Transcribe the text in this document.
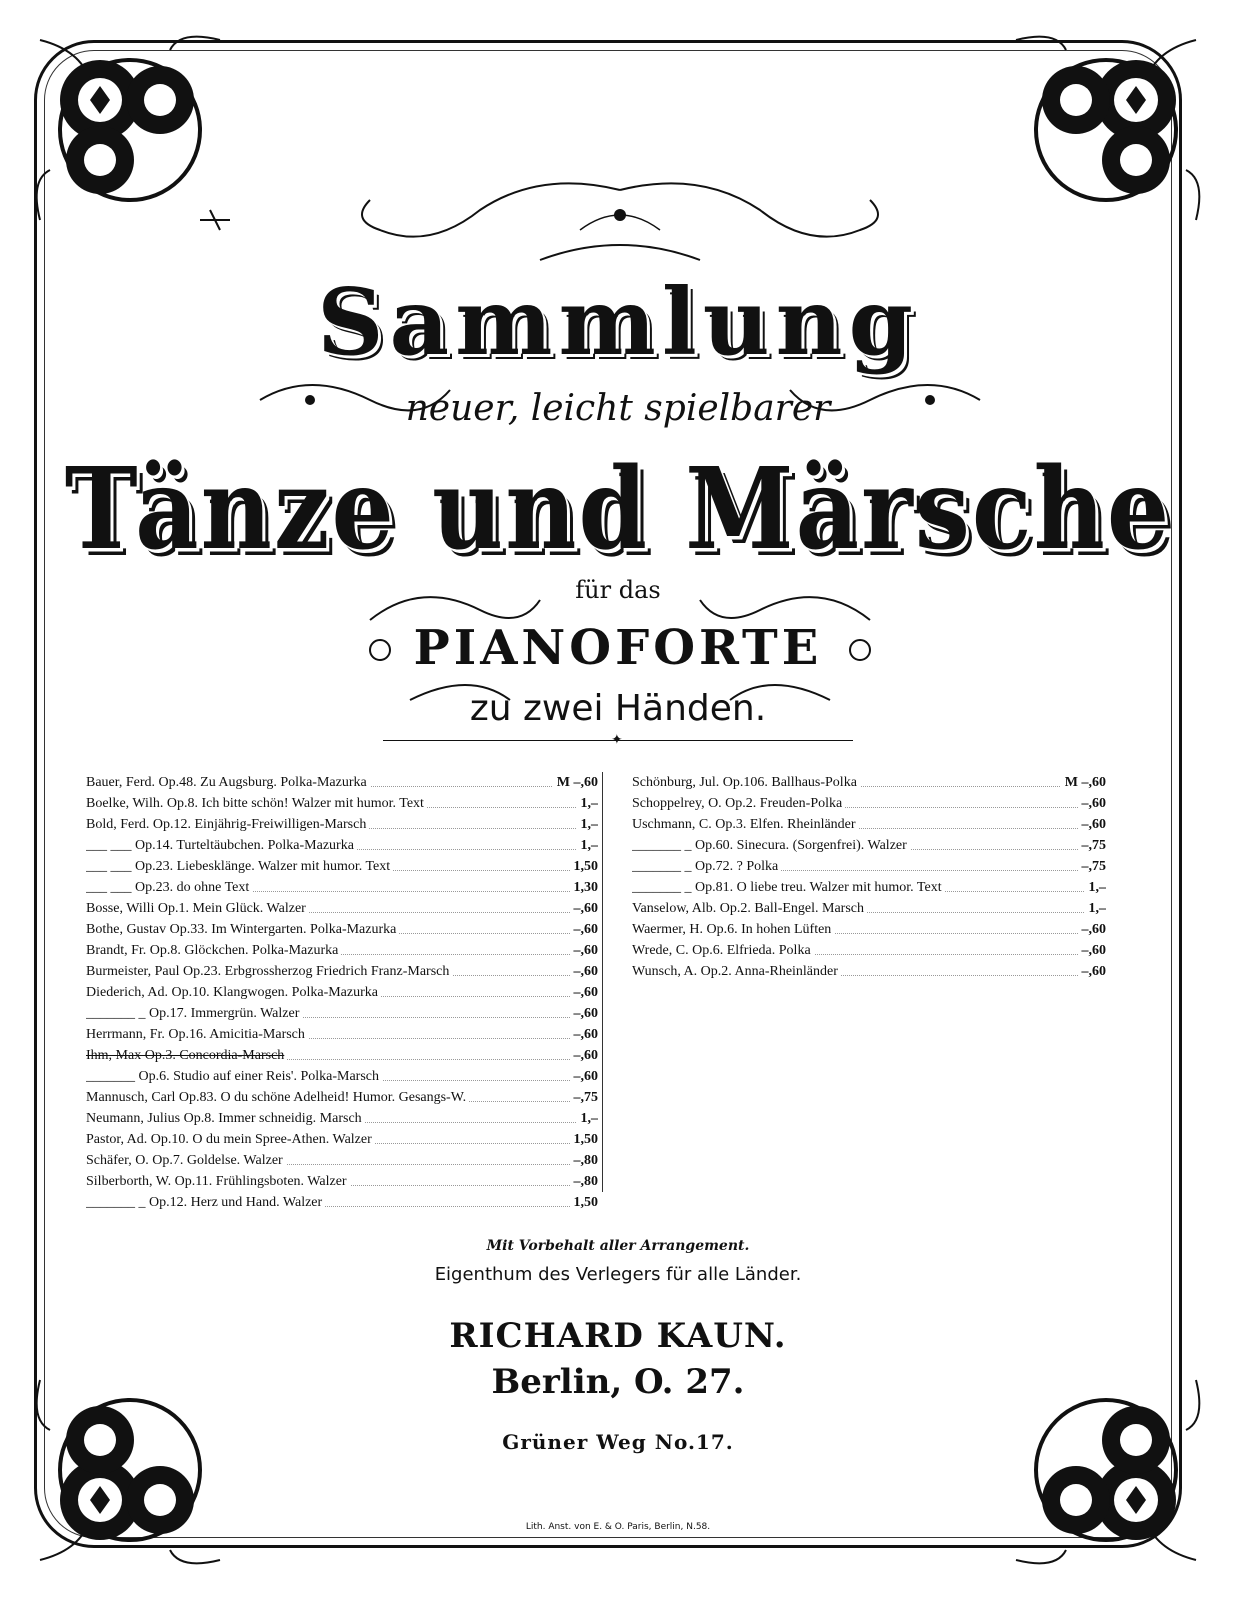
Sammlung
neuer, leicht spielbarer
Tänze und Märsche
für das
PIANOFORTE
zu zwei Händen.
✦
Bauer, Ferd. Op.48. Zu Augsburg. Polka-Mazurka	M –,60
Boelke, Wilh. Op.8. Ich bitte schön! Walzer mit humor. Text	1,–
Bold, Ferd. Op.12. Einjährig-Freiwilligen-Marsch	1,–
___ ___ Op.14. Turteltäubchen. Polka-Mazurka	1,–
___ ___ Op.23. Liebesklänge. Walzer mit humor. Text	1,50
___ ___ Op.23. do ohne Text	1,30
Bosse, Willi Op.1. Mein Glück. Walzer	–,60
Bothe, Gustav Op.33. Im Wintergarten. Polka-Mazurka	–,60
Brandt, Fr. Op.8. Glöckchen. Polka-Mazurka	–,60
Burmeister, Paul Op.23. Erbgrossherzog Friedrich Franz-Marsch	–,60
Diederich, Ad. Op.10. Klangwogen. Polka-Mazurka	–,60
_______ _ Op.17. Immergrün. Walzer	–,60
Herrmann, Fr. Op.16. Amicitia-Marsch	–,60
Ihm, Max Op.3. Concordia-Marsch	–,60
_______ Op.6. Studio auf einer Reis'. Polka-Marsch	–,60
Mannusch, Carl Op.83. O du schöne Adelheid! Humor. Gesangs-W.	–,75
Neumann, Julius Op.8. Immer schneidig. Marsch	1,–
Pastor, Ad. Op.10. O du mein Spree-Athen. Walzer	1,50
Schäfer, O. Op.7. Goldelse. Walzer	–,80
Silberborth, W. Op.11. Frühlingsboten. Walzer	–,80
_______ _ Op.12. Herz und Hand. Walzer	1,50
Schönburg, Jul. Op.106. Ballhaus-Polka	M –,60
Schoppelrey, O. Op.2. Freuden-Polka	–,60
Uschmann, C. Op.3. Elfen. Rheinländer	–,60
_______ _ Op.60. Sinecura. (Sorgenfrei). Walzer	–,75
_______ _ Op.72. ? Polka	–,75
_______ _ Op.81. O liebe treu. Walzer mit humor. Text	1,–
Vanselow, Alb. Op.2. Ball-Engel. Marsch	1,–
Waermer, H. Op.6. In hohen Lüften	–,60
Wrede, C. Op.6. Elfrieda. Polka	–,60
Wunsch, A. Op.2. Anna-Rheinländer	–,60
Mit Vorbehalt aller Arrangement.
Eigenthum des Verlegers für alle Länder.
RICHARD KAUN.
Berlin, O. 27.
Grüner Weg No.17.
Lith. Anst. von E. & O. Paris, Berlin, N.58.
